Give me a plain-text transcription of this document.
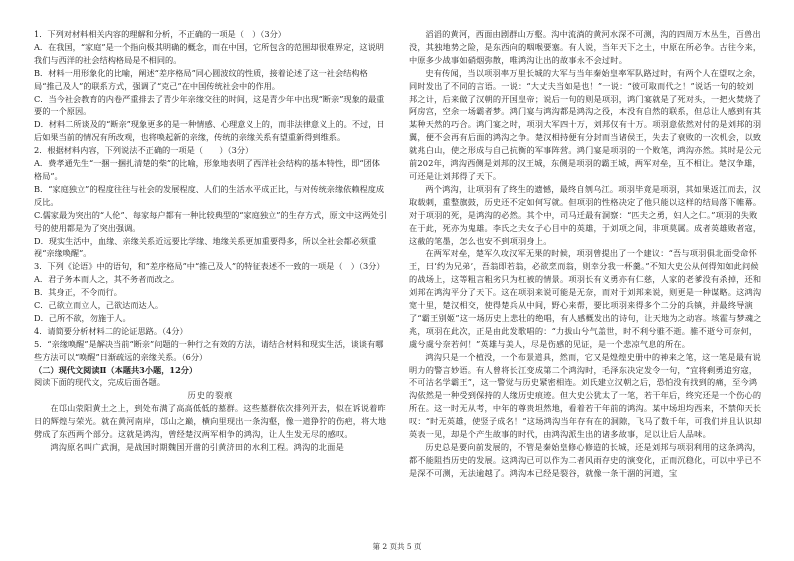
1．下列对材料相关内容的理解和分析，不正确的一项是（　）（3分）

A．在我国，“家庭”是一个指向极其明确的概念，而在中国，它所包含的范围却很难界定，这说明我们与西洋的社会结构格局是不相同的。

B．材料一用形象化的比喻，阐述“差序格局”同心圆波纹的性质，接着论述了这一社会结构格局“推己及人”的联系方式，强调了“克己”在中国传统社会中的作用。

C．当今社会教育的内卷严重排去了青少年亲缘交往的时间，这是青少年中出现“断亲”现象的最重要的一个原因。

D．材料二所谈及的“断亲”现象更多的是一种情感、心理意义上的，而非法律意义上的。不过，日后如果当前的情况有所改观，也将唤起新的亲缘，传统的亲缘关系有望重新得到维系。

2．根据材料内容，下列说法不正确的一项是（　　）（3分）

A．费孝通先生“一捆一捆扎清楚的柴”的比喻，形象地表明了西洋社会结构的基本特性，即“团体格局”。

B．“家庭独立”的程度往往与社会的发展程度、人们的生活水平成正比，与对传统亲缘依赖程度成反比。

C.儒家最为突出的“人伦”、每家每户都有一种比较典型的“家庭独立”的生存方式，原文中这两处引号的使用都是为了突出强调。

D．现实生活中，血缘、亲缘关系近远要比学缘、地缘关系更加重要得多，所以全社会都必须重视“亲缘唤醒”。

3．下列《论语》中的语句，和“差序格局”中“推己及人”的特征表述不一致的一项是（　）（3分）

A．君子务本而人之，其不务者而改之。

B．其身正，不令而行。

C．己欲立而立人，己欲达而达人。

D．己所不欲，勿施于人。

4．请简要分析材料二的论证思路。（4分）

5．“亲缘唤醒”是解决当前“断亲”问题的一种行之有效的方法，请结合材料和现实生活，谈谈有哪些方法可以“唤醒”日渐疏远的亲缘关系。（6分）

（二）现代文阅读Ⅱ（本题共3小题，12分）

阅读下面的现代文，完成后面各题。

历史的裂痕

在邙山荥阳黄土之上，到处布满了高高低低的墓群。这些墓群依次排列开去，似在诉说着昨日的辉煌与荣光。就在黄河南岸，邙山之巅，横向里现出一条沟壑，像一道狰狞的伤疤，将大地劈成了东西两个部分。这就是鸿沟，曾经楚汉两军相争的鸿沟，让人生发无尽的感叹。

鸿沟原名叫广武涧，是战国时期魏国开凿的引黄济田的水利工程。鸿沟的北面是

滔滔的黄河，西面由剧群山万壑。沟中流淌的黄河水深不可测，沟的四周万木丛生，百兽出没，其独地势之险，是东西向的咽喉要塞。有人说，当年天下之土，中原在所必争。古往今来，中原多少战事如硝烟弥散，唯鸿沟让出的故事永不会过时。

史有传闻，当以项羽率万里长城的大军与当年秦始皇率军队路过时，有两个人在望叹之余，同时发出了不同的言语。一说：“大丈夫当如是也！”一说：“彼可取而代之！”说话一句的较刘邦之计，后来做了汉朝的开国皇帝；说后一句的则是项羽，鸿门宴就是了死对头，一把火焚烧了阿房宫，空余一场霸者梦。鸿门宴与鸿沟都是鸿沟之役，本没有自然的联系，但总让人感到有其某种天然的巧合。鸿门宴之时，项羽大军四十万，刘邦仅有十万。项羽意依然对付的是刘邦的羽翼，便不会再有后面的鸿沟之争。楚汉相持便有分封而当诸侯王，失去了衰败的一次机会，以致就兆白山，使之形成与自己抗衡的军事阵营。鸿门宴是项羽的一个败笔，鸿沟亦然。其时是公元前202年，鸿沟西侧是刘邦的汉王城，东侧是项羽的霸王城，两军对垒，互不相让。楚汉争雄，可还是让刘邦得了天下。

两个鸿沟，让项羽有了终生的遗憾，最终自刎乌江。项羽毕竟是项羽，其如果返江而去，汉取载刺，重整旗鼓，历史还不定如何写就。但项羽的性格决定了他只能以这样的结局落下帷幕。对于项羽的死，是鸿沟的必然。其个中，司马迁最有洞察：“匹夫之勇，妇人之仁。”项羽的失败在于此，死亦为鬼雄。李氏之夫女子心目中的英雄，于刘项之间，非项莫属。成者英雄败者寇，这截的笔墨，怎么也安不到项羽身上。

在两军对垒，楚军久攻汉军无果的时候，项羽曾提出了一个建议：“吾与项羽俱北面受命怀王，曰‘约为兄弟’，吾翁即若翁，必欲烹而翁，则幸分我一杯羹。”不知大史公从何得知如此问候的战场上，这等粗言粗劣只为杠被的情景。项羽长有义勇亦有仁慈，人家的老爹没有杀掉，还和刘邦在鸿沟平分了天下。这在项羽来说可能是无奈，而对于刘邦来说，则更是一种谋略。这鸿沟宽十里，楚汉相交，使得楚兵从中间，野心来帮，要比项羽来得多个二分的兵镇，并最终导演了“霸王别姬”这一场历史上悲壮的绝唱，有人感概发出的诗句，让天地为之动容。垓霍与梦魂之兆，项羽在此次，正是由此发歌唱的：“力拔山兮气盖世，时不利兮骓不逝。骓不逝兮可奈何，虞兮虞兮奈若何！”英雄与美人，尽是伤感的见证，是一个悲凉气息的所在。

鸿沟只是一个植没，一个布景道具，然而，它又是煌煌史册中的神来之笔，这一笔是最有说明力的警言妙语。有人曾将长江变成第二个鸿沟时，毛泽东决定发令一句，“宜将剩勇追穷寇，不可沽名学霸王”，这一警觉与历史紧密相连。刘氏建立汉朝之后，恐怕没有找到的痛，至今鸿沟依然是一种受到保持的人缘历史痕迹。但大史公犹太了一笔，若干年后，终究还是一个伤心的所在。这一时无从考，中年的尊贵坦然地，看着若干年前的鸿沟。某中场坦均西来，不禁仰天长叹：“时无英雄，使竖子成名！”这场鸿沟当年存有在的洞隙，飞马了数千年，可我们并且认识却英表一见，却是个产生故事的时代，由鸿沟派生出的诸多故事，足以让后人品味。

历史总是要向前发展的，不管是秦始皇修心修造的长城，还是刘邦与项羽利用的这条鸿沟，都不能阻挡历史的发展。这鸿沟已可以作为二者风雨存史的演变化，正而沉稳化，可以中乎已不是深不可测，无法逾越了。鸿沟本已经是裂谷，就像一条干涸的河道，宝

第 2 页共 5 页
